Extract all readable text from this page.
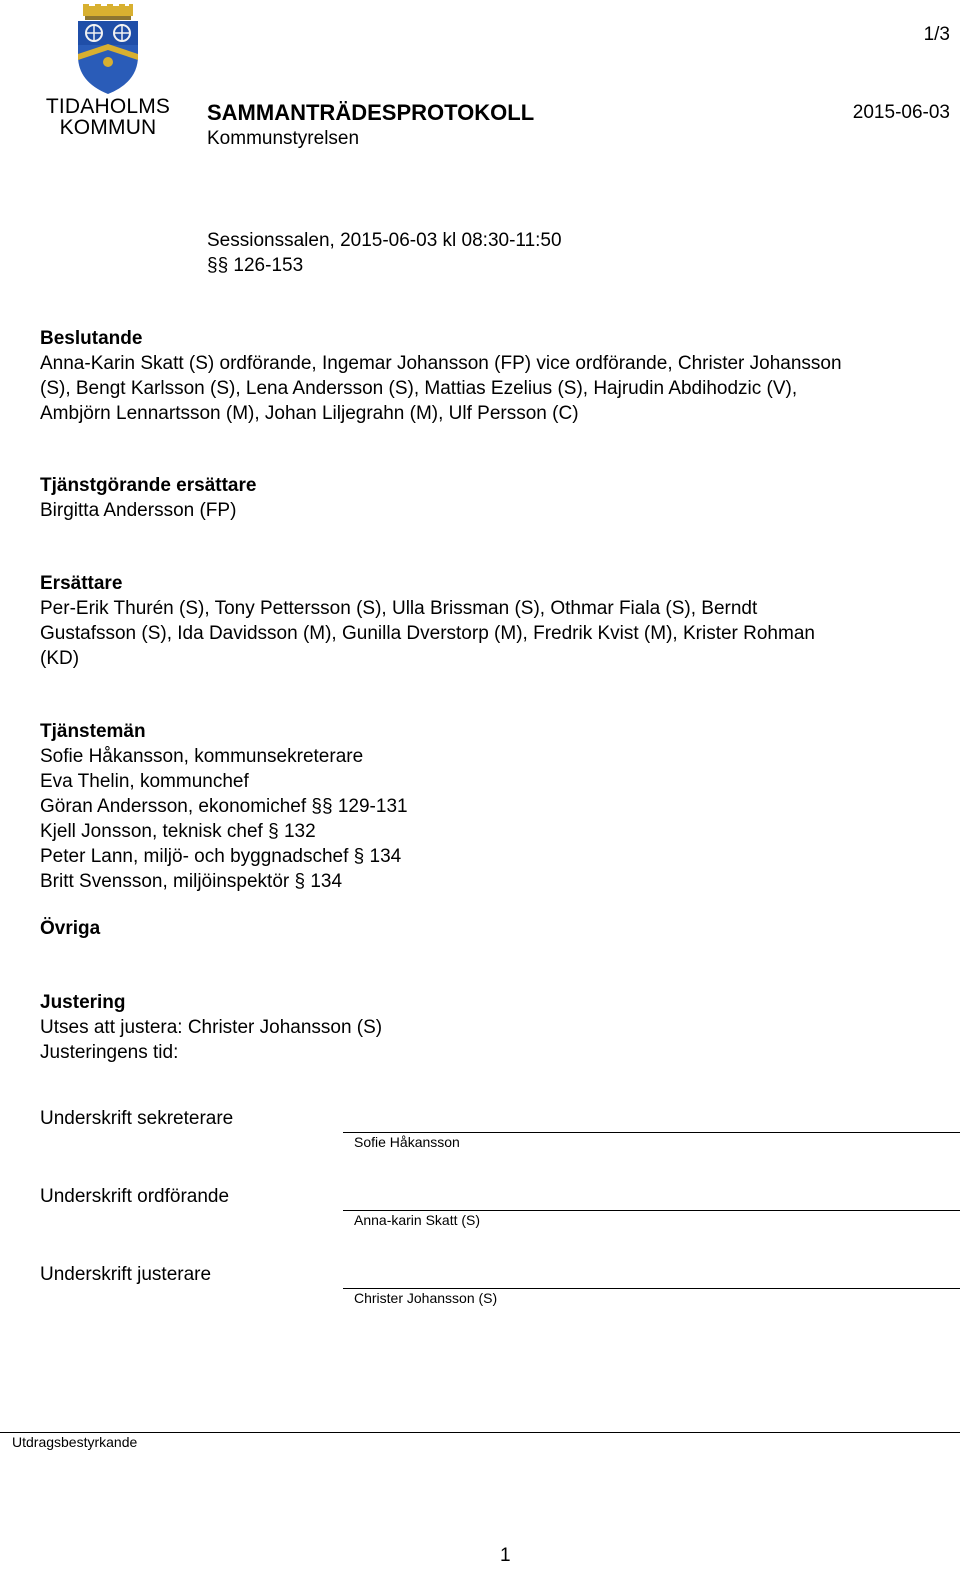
TIDAHOLMS
KOMMUN
1/3
SAMMANTRÄDESPROTOKOLL	2015-06-03
Kommunstyrelsen
Sessionssalen, 2015-06-03 kl 08:30-11:50
§§ 126-153
Beslutande
Anna-Karin Skatt (S) ordförande, Ingemar Johansson (FP) vice ordförande, Christer Johansson
(S), Bengt Karlsson (S), Lena Andersson (S), Mattias Ezelius (S), Hajrudin Abdihodzic (V),
Ambjörn Lennartsson (M), Johan Liljegrahn (M), Ulf Persson (C)
Tjänstgörande ersättare
Birgitta Andersson (FP)
Ersättare
Per-Erik Thurén (S), Tony Pettersson (S), Ulla Brissman (S), Othmar Fiala (S), Berndt
Gustafsson (S), Ida Davidsson (M), Gunilla Dverstorp (M), Fredrik Kvist (M), Krister Rohman
(KD)
Tjänstemän
Sofie Håkansson, kommunsekreterare
Eva Thelin, kommunchef
Göran Andersson, ekonomichef §§ 129-131
Kjell Jonsson, teknisk chef § 132
Peter Lann, miljö- och byggnadschef § 134
Britt Svensson, miljöinspektör § 134
Övriga
Justering
Utses att justera: Christer Johansson (S)
Justeringens tid:
Underskrift sekreterare
Sofie Håkansson
Underskrift ordförande
Anna-karin Skatt (S)
Underskrift justerare
Christer Johansson (S)
Utdragsbestyrkande
1
